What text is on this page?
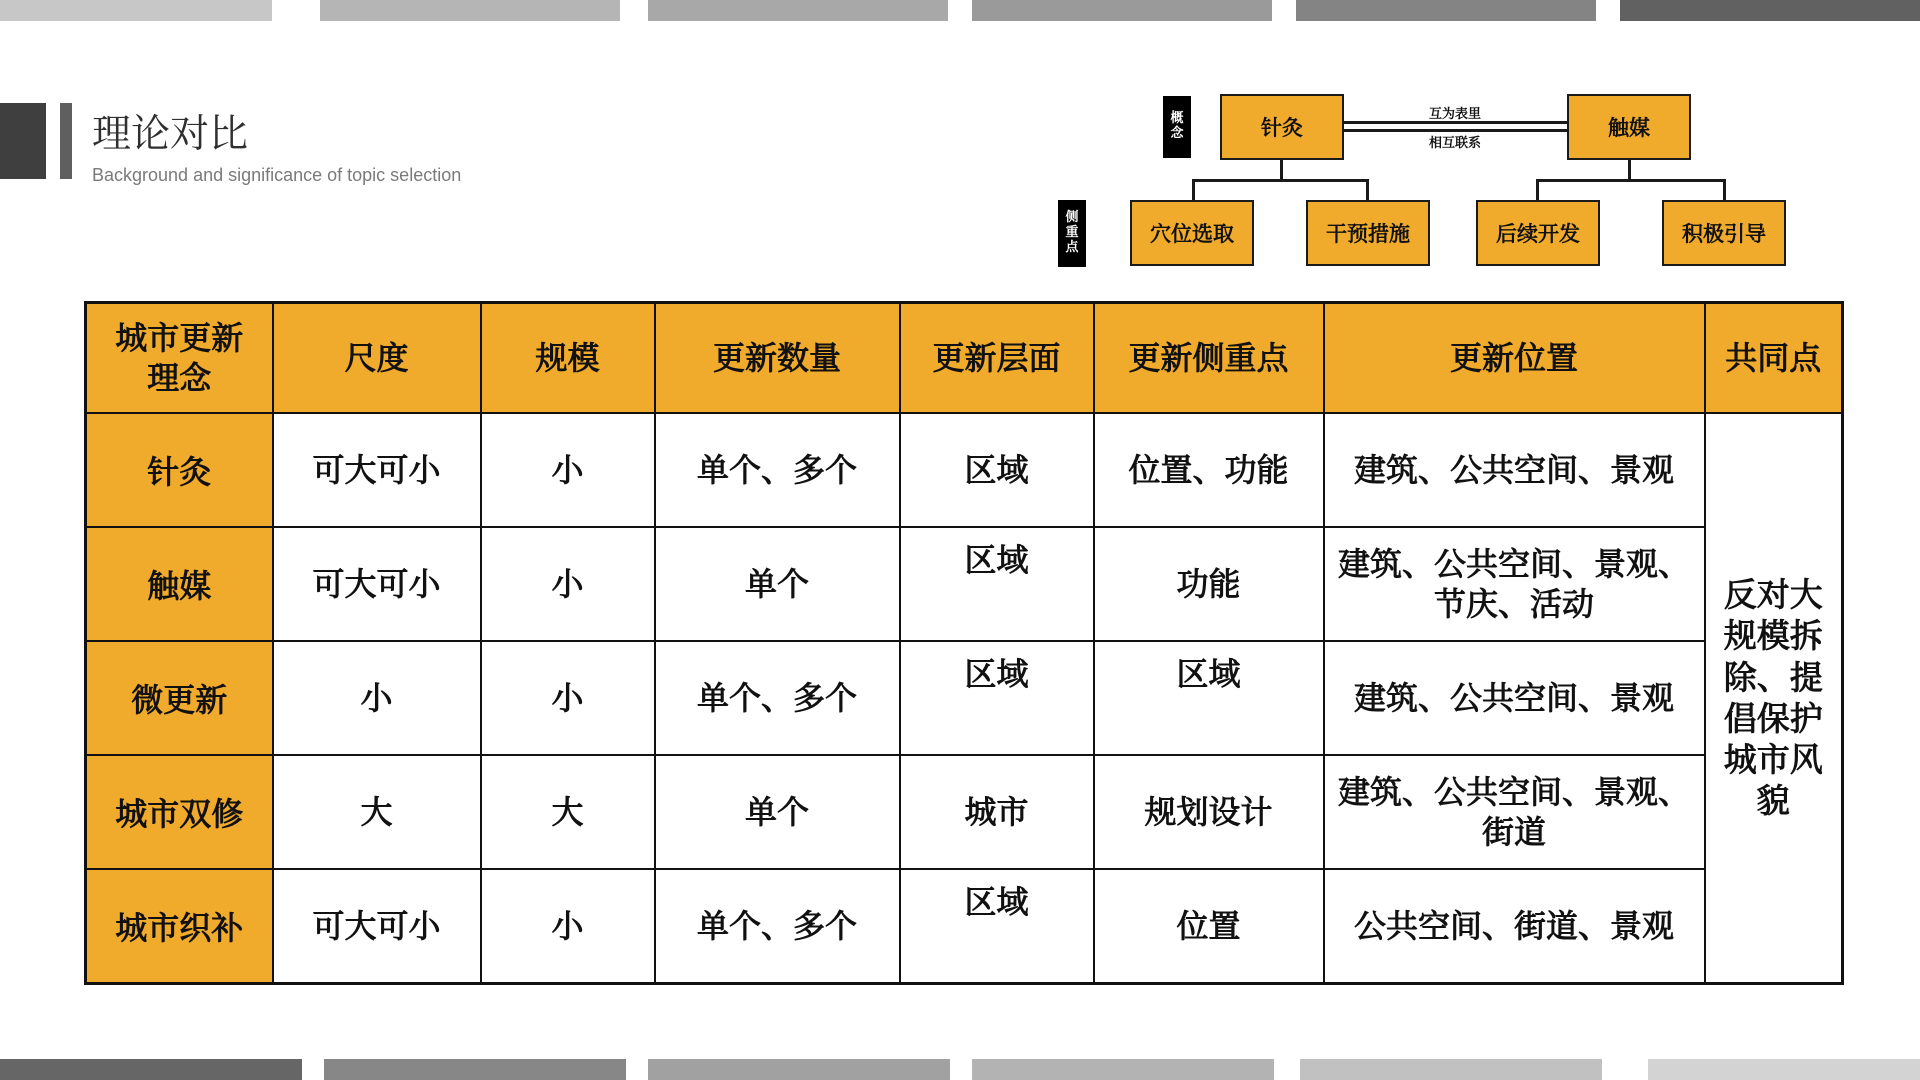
理论对比
Background and significance of topic selection
概念
侧重点
针灸	触媒
互为表里
相互联系
穴位选取	干预措施	后续开发	积极引导
城市更新理念	尺度	规模	更新数量	更新层面	更新侧重点	更新位置	共同点
针灸	可大可小	小	单个、多个	区域	位置、功能	建筑、公共空间、景观	反对大规模拆除、提倡保护城市风貌
触媒	可大可小	小	单个	区域	功能	建筑、公共空间、景观、节庆、活动	
微更新	小	小	单个、多个	区域	区域	建筑、公共空间、景观	
城市双修	大	大	单个	城市	规划设计	建筑、公共空间、景观、街道	
城市织补	可大可小	小	单个、多个	区域	位置	公共空间、街道、景观	
